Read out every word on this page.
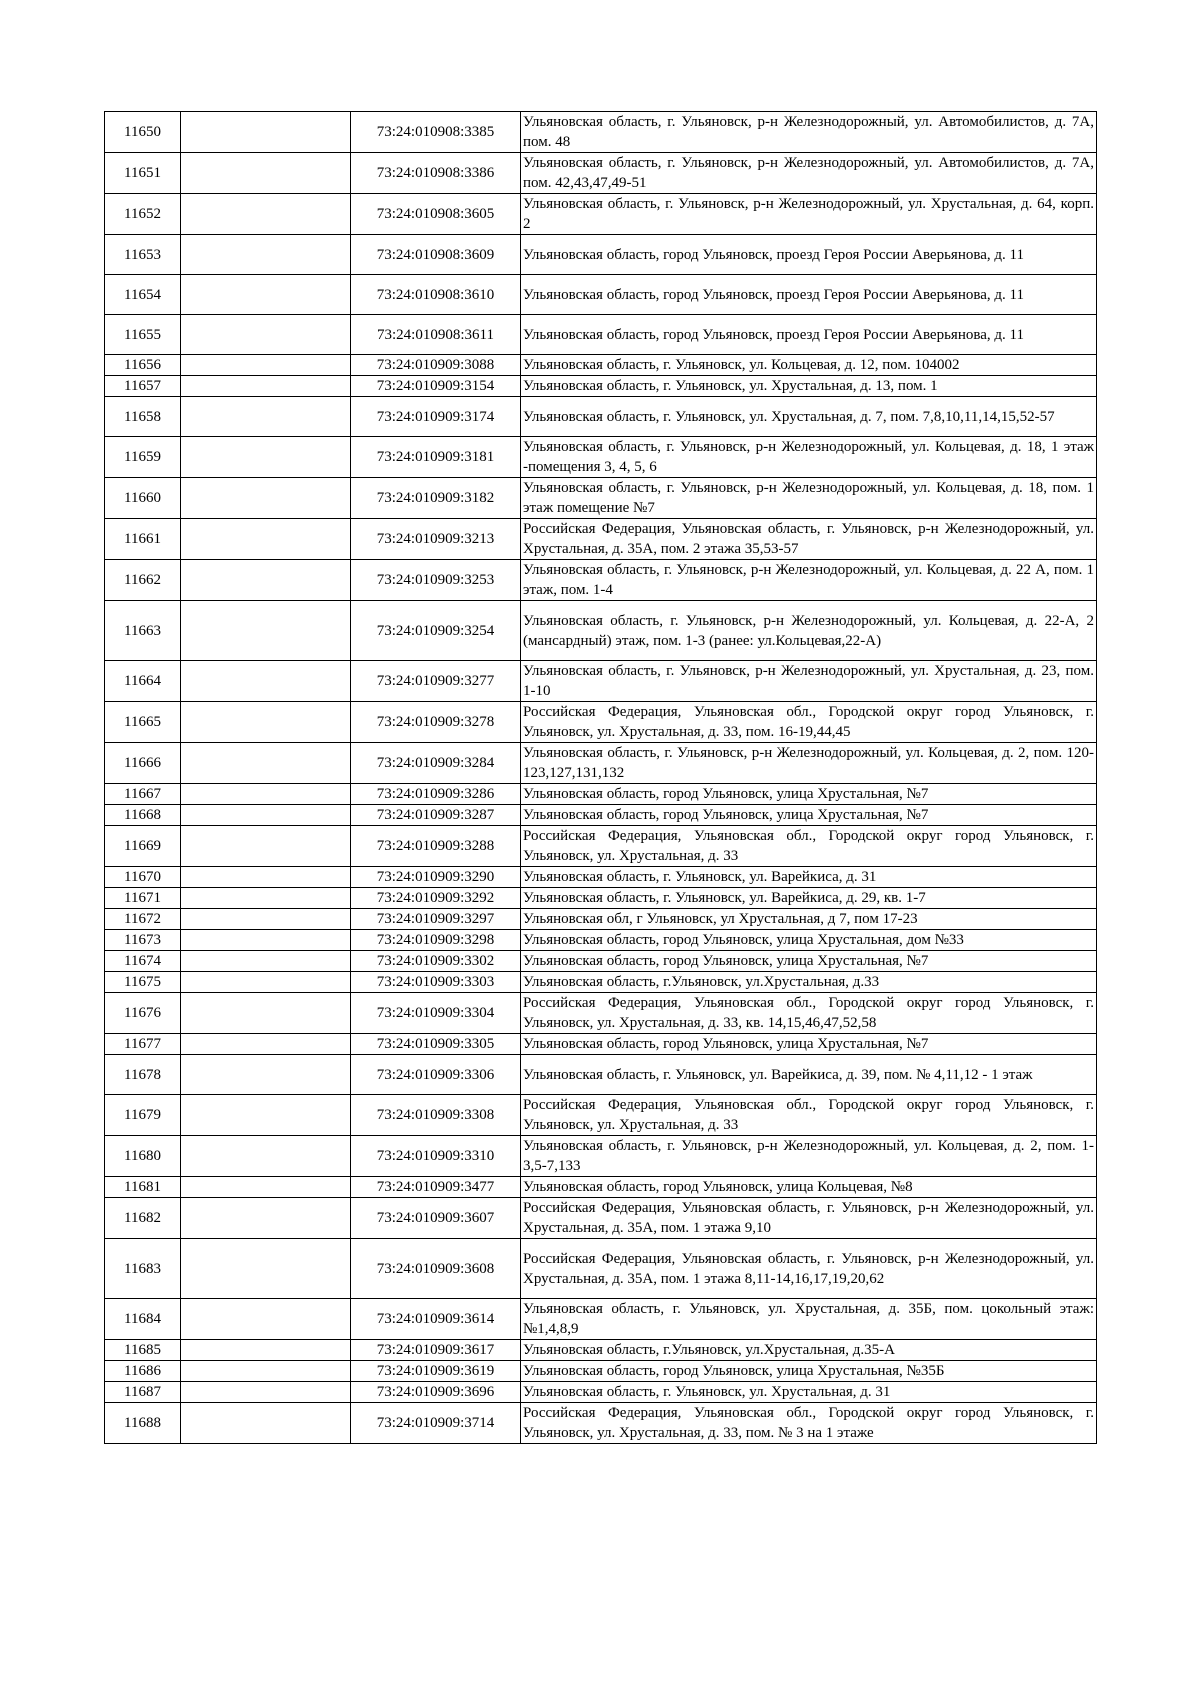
11650		73:24:010908:3385	Ульяновская область, г. Ульяновск, р-н Железнодорожный, ул. Автомобилистов, д. 7А, пом. 48
11651		73:24:010908:3386	Ульяновская область, г. Ульяновск, р-н Железнодорожный, ул. Автомобилистов, д. 7А, пом. 42,43,47,49-51
11652		73:24:010908:3605	Ульяновская область, г. Ульяновск, р-н Железнодорожный, ул. Хрустальная, д. 64, корп. 2
11653		73:24:010908:3609	Ульяновская область, город Ульяновск, проезд Героя России Аверьянова, д. 11
11654		73:24:010908:3610	Ульяновская область, город Ульяновск, проезд Героя России Аверьянова, д. 11
11655		73:24:010908:3611	Ульяновская область, город Ульяновск, проезд Героя России Аверьянова, д. 11
11656		73:24:010909:3088	Ульяновская область, г. Ульяновск, ул. Кольцевая, д. 12, пом. 104002
11657		73:24:010909:3154	Ульяновская область, г. Ульяновск, ул. Хрустальная, д. 13, пом. 1
11658		73:24:010909:3174	Ульяновская область, г. Ульяновск, ул. Хрустальная, д. 7, пом. 7,8,10,11,14,15,52-57
11659		73:24:010909:3181	Ульяновская область, г. Ульяновск, р-н Железнодорожный, ул. Кольцевая, д. 18, 1 этаж -помещения 3, 4, 5, 6
11660		73:24:010909:3182	Ульяновская область, г. Ульяновск, р-н Железнодорожный, ул. Кольцевая, д. 18, пом. 1 этаж помещение №7
11661		73:24:010909:3213	Российская Федерация, Ульяновская область, г. Ульяновск, р-н Железнодорожный, ул. Хрустальная, д. 35А, пом. 2 этажа 35,53-57
11662		73:24:010909:3253	Ульяновская область, г. Ульяновск, р-н Железнодорожный, ул. Кольцевая, д. 22 А, пом. 1 этаж, пом. 1-4
11663		73:24:010909:3254	Ульяновская область, г. Ульяновск, р-н Железнодорожный, ул. Кольцевая, д. 22-А, 2 (мансардный) этаж, пом. 1-3 (ранее: ул.Кольцевая,22-А)
11664		73:24:010909:3277	Ульяновская область, г. Ульяновск, р-н Железнодорожный, ул. Хрустальная, д. 23, пом. 1-10
11665		73:24:010909:3278	Российская Федерация, Ульяновская обл., Городской округ город Ульяновск, г. Ульяновск, ул. Хрустальная, д. 33, пом. 16-19,44,45
11666		73:24:010909:3284	Ульяновская область, г. Ульяновск, р-н Железнодорожный, ул. Кольцевая, д. 2, пом. 120-123,127,131,132
11667		73:24:010909:3286	Ульяновская область, город Ульяновск, улица Хрустальная, №7
11668		73:24:010909:3287	Ульяновская область, город Ульяновск, улица Хрустальная, №7
11669		73:24:010909:3288	Российская Федерация, Ульяновская обл., Городской округ город Ульяновск, г. Ульяновск, ул. Хрустальная, д. 33
11670		73:24:010909:3290	Ульяновская область, г. Ульяновск, ул. Варейкиса, д. 31
11671		73:24:010909:3292	Ульяновская область, г. Ульяновск, ул. Варейкиса, д. 29, кв. 1-7
11672		73:24:010909:3297	Ульяновская обл, г Ульяновск, ул Хрустальная, д 7, пом 17-23
11673		73:24:010909:3298	Ульяновская область, город Ульяновск, улица Хрустальная, дом №33
11674		73:24:010909:3302	Ульяновская область, город Ульяновск, улица Хрустальная, №7
11675		73:24:010909:3303	Ульяновская область, г.Ульяновск, ул.Хрустальная, д.33
11676		73:24:010909:3304	Российская Федерация, Ульяновская обл., Городской округ город Ульяновск, г. Ульяновск, ул. Хрустальная, д. 33, кв. 14,15,46,47,52,58
11677		73:24:010909:3305	Ульяновская область, город Ульяновск, улица Хрустальная, №7
11678		73:24:010909:3306	Ульяновская область, г. Ульяновск, ул. Варейкиса, д. 39, пом. № 4,11,12 - 1 этаж
11679		73:24:010909:3308	Российская Федерация, Ульяновская обл., Городской округ город Ульяновск, г. Ульяновск, ул. Хрустальная, д. 33
11680		73:24:010909:3310	Ульяновская область, г. Ульяновск, р-н Железнодорожный, ул. Кольцевая, д. 2, пом. 1-3,5-7,133
11681		73:24:010909:3477	Ульяновская область, город Ульяновск, улица Кольцевая, №8
11682		73:24:010909:3607	Российская Федерация, Ульяновская область, г. Ульяновск, р-н Железнодорожный, ул. Хрустальная, д. 35А, пом. 1 этажа 9,10
11683		73:24:010909:3608	Российская Федерация, Ульяновская область, г. Ульяновск, р-н Железнодорожный, ул. Хрустальная, д. 35А, пом. 1 этажа 8,11-14,16,17,19,20,62
11684		73:24:010909:3614	Ульяновская область, г. Ульяновск, ул. Хрустальная, д. 35Б, пом. цокольный этаж:№1,4,8,9
11685		73:24:010909:3617	Ульяновская область, г.Ульяновск, ул.Хрустальная, д.35-А
11686		73:24:010909:3619	Ульяновская область, город Ульяновск, улица Хрустальная, №35Б
11687		73:24:010909:3696	Ульяновская область, г. Ульяновск, ул. Хрустальная, д. 31
11688		73:24:010909:3714	Российская Федерация, Ульяновская обл., Городской округ город Ульяновск, г. Ульяновск, ул. Хрустальная, д. 33, пом. № 3 на 1 этаже
